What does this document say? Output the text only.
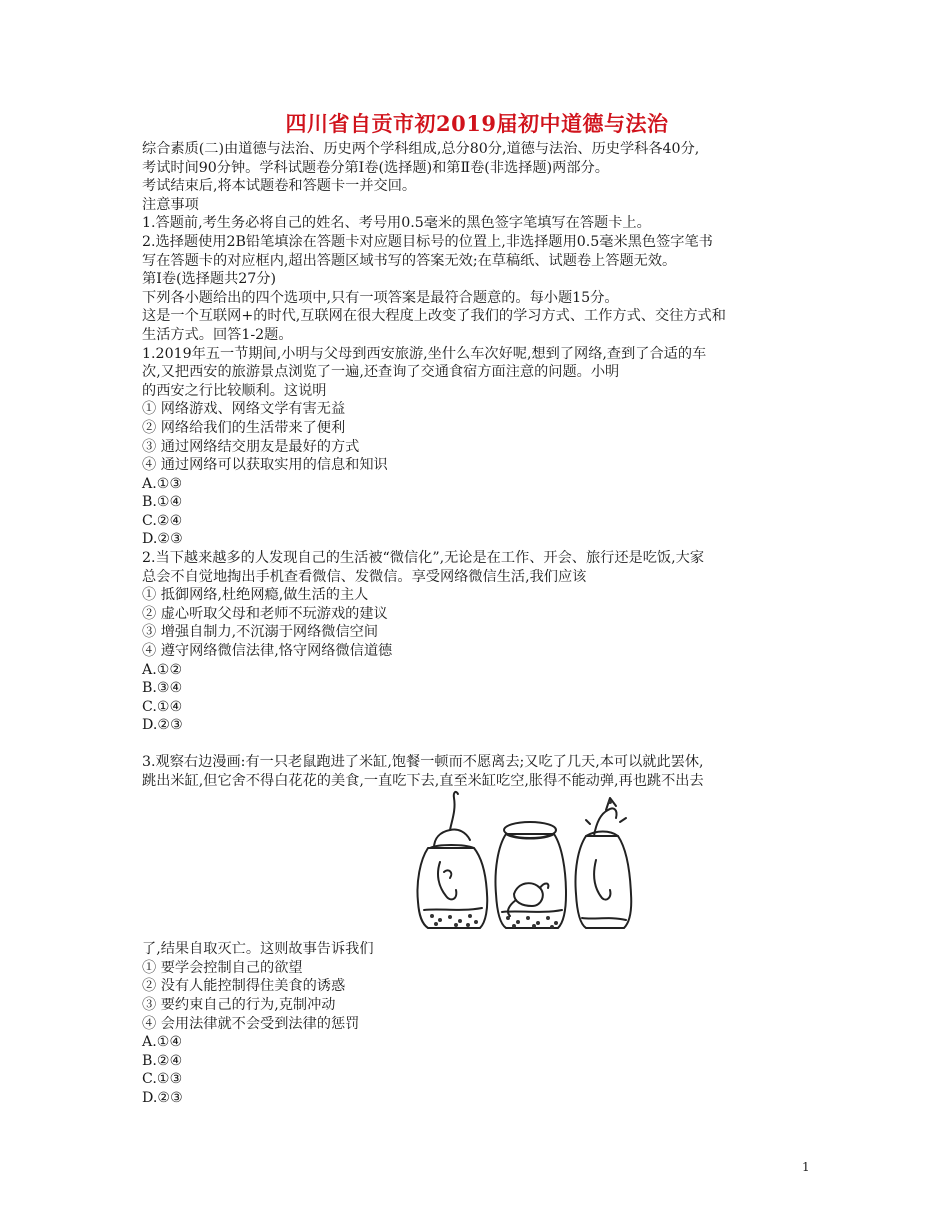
四川省自贡市初2019届初中道德与法治
综合素质(二)由道德与法治、历史两个学科组成,总分80分,道德与法治、历史学科各40分,
考试时间90分钟。学科试题卷分第Ⅰ卷(选择题)和第Ⅱ卷(非选择题)两部分。
考试结束后,将本试题卷和答题卡一并交回。
注意事项
1.答题前,考生务必将自己的姓名、考号用0.5毫米的黑色签字笔填写在答题卡上。
2.选择题使用2B铅笔填涂在答题卡对应题目标号的位置上,非选择题用0.5毫米黑色签字笔书
写在答题卡的对应框内,超出答题区域书写的答案无效;在草稿纸、试题卷上答题无效。
第Ⅰ卷(选择题共27分)
下列各小题给出的四个选项中,只有一项答案是最符合题意的。每小题15分。
这是一个互联网+的时代,互联网在很大程度上改变了我们的学习方式、工作方式、交往方式和
生活方式。回答1-2题。
1.2019年五一节期间,小明与父母到西安旅游,坐什么车次好呢,想到了网络,查到了合适的车
次,又把西安的旅游景点浏览了一遍,还查询了交通食宿方面注意的问题。小明
的西安之行比较顺利。这说明
① 网络游戏、网络文学有害无益
② 网络给我们的生活带来了便利
③ 通过网络结交朋友是最好的方式
④ 通过网络可以获取实用的信息和知识
A.①③
B.①④
C.②④
D.②③
2.当下越来越多的人发现自己的生活被“微信化”,无论是在工作、开会、旅行还是吃饭,大家
总会不自觉地掏出手机查看微信、发微信。享受网络微信生活,我们应该
① 抵御网络,杜绝网瘾,做生活的主人
② 虚心听取父母和老师不玩游戏的建议
③ 增强自制力,不沉溺于网络微信空间
④ 遵守网络微信法律,恪守网络微信道德
A.①②
B.③④
C.①④
D.②③
3.观察右边漫画:有一只老鼠跑进了米缸,饱餐一顿而不愿离去;又吃了几天,本可以就此罢休,
跳出米缸,但它舍不得白花花的美食,一直吃下去,直至米缸吃空,胀得不能动弹,再也跳不出去
了,结果自取灭亡。这则故事告诉我们
① 要学会控制自己的欲望
② 没有人能控制得住美食的诱惑
③ 要约束自己的行为,克制冲动
④ 会用法律就不会受到法律的惩罚
A.①④
B.②④
C.①③
D.②③
1
